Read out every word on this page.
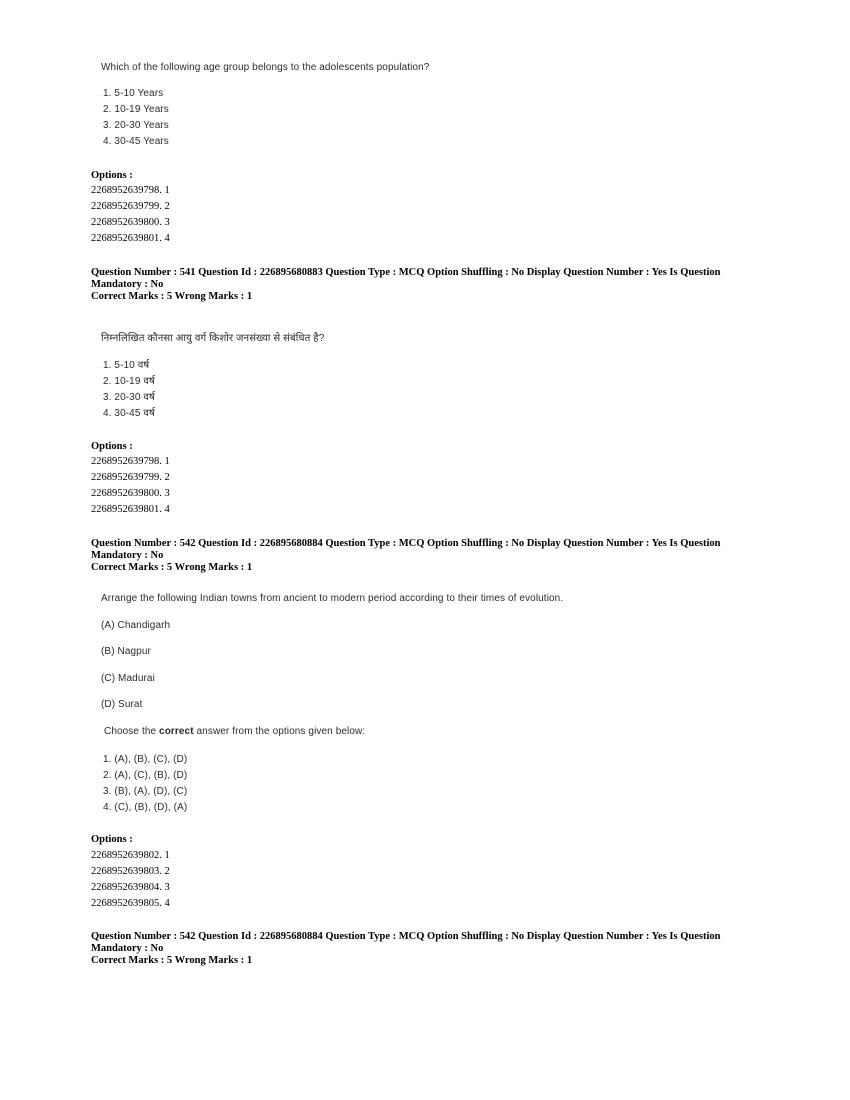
Which of the following age group belongs to the adolescents population?
1. 5-10 Years
2. 10-19 Years
3. 20-30 Years
4. 30-45 Years
Options :
2268952639798. 1
2268952639799. 2
2268952639800. 3
2268952639801. 4
Question Number : 541 Question Id : 226895680883 Question Type : MCQ Option Shuffling : No Display Question Number : Yes Is Question
Mandatory : No
Correct Marks : 5 Wrong Marks : 1
निम्नलिखित कौनसा आयु वर्ग किशोर जनसंख्या से संबंधित है?
1. 5-10 वर्ष
2. 10-19 वर्ष
3. 20-30 वर्ष
4. 30-45 वर्ष
Options :
2268952639798. 1
2268952639799. 2
2268952639800. 3
2268952639801. 4
Question Number : 542 Question Id : 226895680884 Question Type : MCQ Option Shuffling : No Display Question Number : Yes Is Question
Mandatory : No
Correct Marks : 5 Wrong Marks : 1
Arrange the following Indian towns from ancient to modern period according to their times of evolution.
(A) Chandigarh
(B) Nagpur
(C) Madurai
(D) Surat
Choose the correct answer from the options given below:
1. (A), (B), (C), (D)
2. (A), (C), (B), (D)
3. (B), (A), (D), (C)
4. (C), (B), (D), (A)
Options :
2268952639802. 1
2268952639803. 2
2268952639804. 3
2268952639805. 4
Question Number : 542 Question Id : 226895680884 Question Type : MCQ Option Shuffling : No Display Question Number : Yes Is Question
Mandatory : No
Correct Marks : 5 Wrong Marks : 1
